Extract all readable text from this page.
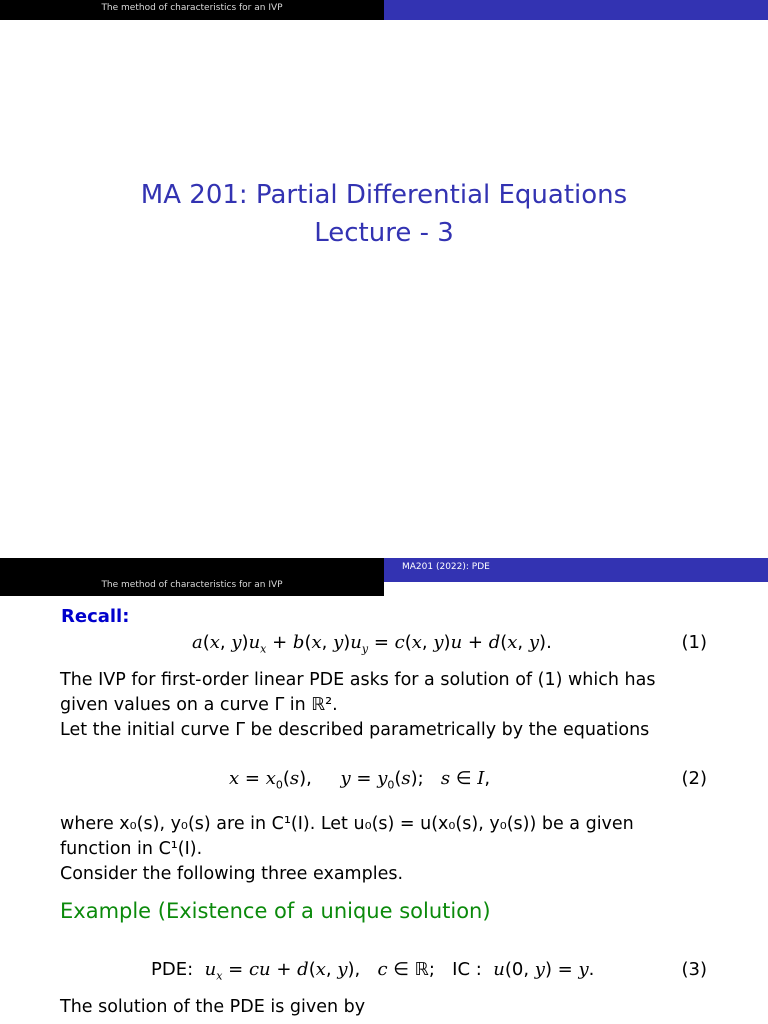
The method of characteristics for an IVP
MA 201: Partial Differential Equations
Lecture - 3
The method of characteristics for an IVP
MA201 (2022): PDE
Recall:
a(x, $y)u_x + b(x$, $y)u_y = c(x$, y)u + d(x, y).	(1)
The IVP for first-order linear PDE asks for a solution of (1) which has
given values on a curve Γ in ℝ².
Let the initial curve Γ be described parametrically by the equations
$x = x_0(s)$,     $y = y_0(s)$;   s ∈ I,	(2)
where x₀(s), y₀(s) are in C¹(I). Let u₀(s) = u(x₀(s), y₀(s)) be a given
function in C¹(I).
Consider the following three examples.
Example (Existence of a unique solution)
PDE:  $u_x$ = cu + d(x, y),   c ∈ ℝ;   IC :  u(0, y) = y.	(3)
The solution of the PDE is given by
